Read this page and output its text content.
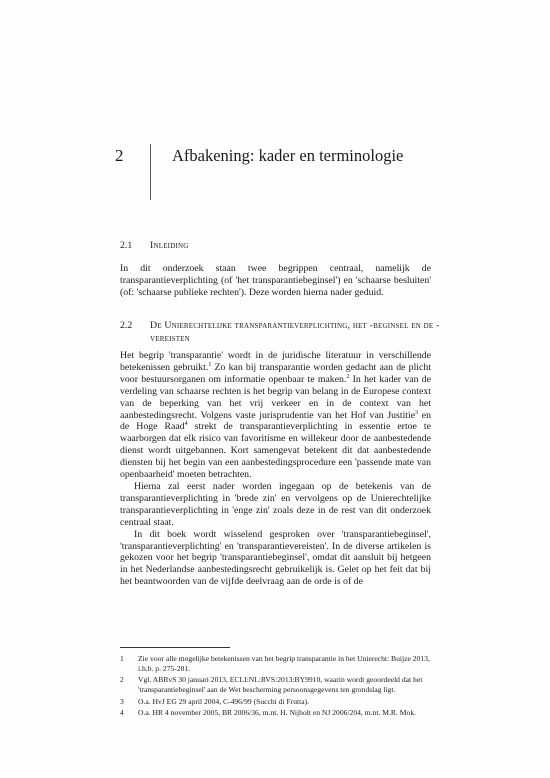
2	Afbakening: kader en terminologie
2.1 Inleiding

In dit onderzoek staan twee begrippen centraal, namelijk de transparantieverplichting (of 'het transparantiebeginsel') en 'schaarse besluiten' (of: 'schaarse publieke rechten'). Deze worden hierna nader geduid.

2.2 De Unierechtelijke transparantieverplichting, het -beginsel en de -vereisten

Het begrip 'transparantie' wordt in de juridische literatuur in verschillende betekenissen gebruikt.$^1$ Zo kan bij transparantie worden gedacht aan de plicht voor bestuursorganen om informatie openbaar te maken.$^2$ In het kader van de verdeling van schaarse rechten is het begrip van belang in de Europese context van de beperking van het vrij verkeer en in de context van het aanbestedingsrecht. Volgens vaste jurisprudentie van het Hof van Justitie$^3$ en de Hoge Raad$^4$ strekt de transparantieverplichting in essentie ertoe te waarborgen dat elk risico van favoritisme en willekeur door de aanbestedende dienst wordt uitgebannen. Kort samengevat betekent dit dat aanbestedende diensten bij het begin van een aanbestedingsprocedure een 'passende mate van openbaarheid' moeten betrachten.

Hierna zal eerst nader worden ingegaan op de betekenis van de transparantieverplichting in 'brede zin' en vervolgens op de Unierechtelijke transparantieverplichting in 'enge zin' zoals deze in de rest van dit onderzoek centraal staat.

In dit boek wordt wisselend gesproken over 'transparantiebeginsel', 'transparantieverplichting' en 'transparantievereisten'. In de diverse artikelen is gekozen voor het begrip 'transparantiebeginsel', omdat dit aansluit bij hetgeen in het Nederlandse aanbestedingsrecht gebruikelijk is. Gelet op het feit dat bij het beantwoorden van de vijfde deelvraag aan de orde is of de

1 Zie voor alle mogelijke betekenissen van het begrip transparantie in het Unierecht: Buijze 2013, i.h.b. p. 275-281.
2 Vgl. ABRvS 30 januari 2013, ECLI:NL:RVS:2013:BY9910, waarin wordt geoordeeld dat het 'transparantiebeginsel' aan de Wet bescherming persoonsgegevens ten grondslag ligt.
3 O.a. HvJ EG 29 april 2004, C-496/99 (Succhi di Frutta).
4 O.a. HR 4 november 2005, BR 2006/36, m.nt. H. Nijholt en NJ 2006/204, m.nt. M.R. Mok.
